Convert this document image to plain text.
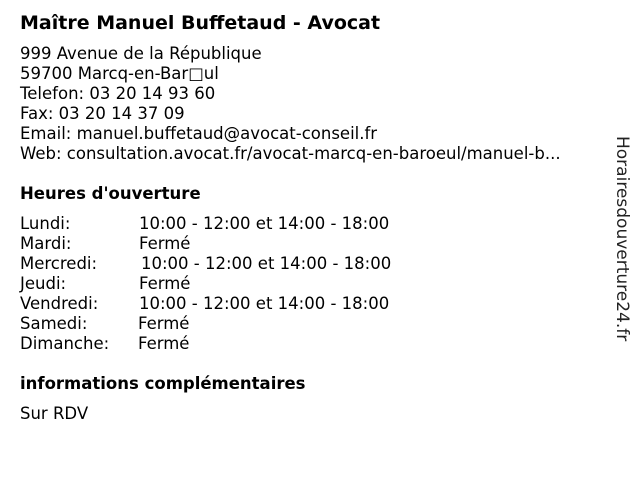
Maître Manuel Buffetaud - Avocat
999 Avenue de la République
59700 Marcq-en-Bar□ul
Telefon: 03 20 14 93 60
Fax: 03 20 14 37 09
Email: manuel.buffetaud@avocat-conseil.fr
Web: consultation.avocat.fr/avocat-marcq-en-baroeul/manuel-b...
Heures d'ouverture
Lundi:	10:00 - 12:00 et 14:00 - 18:00
Mardi:	Fermé
Mercredi:	10:00 - 12:00 et 14:00 - 18:00
Jeudi:	Fermé
Vendredi: 10:00 - 12:00 et 14:00 - 18:00
Samedi:	Fermé
Dimanche: Fermé
informations complémentaires
Sur RDV
Horairesdouverture24.fr
